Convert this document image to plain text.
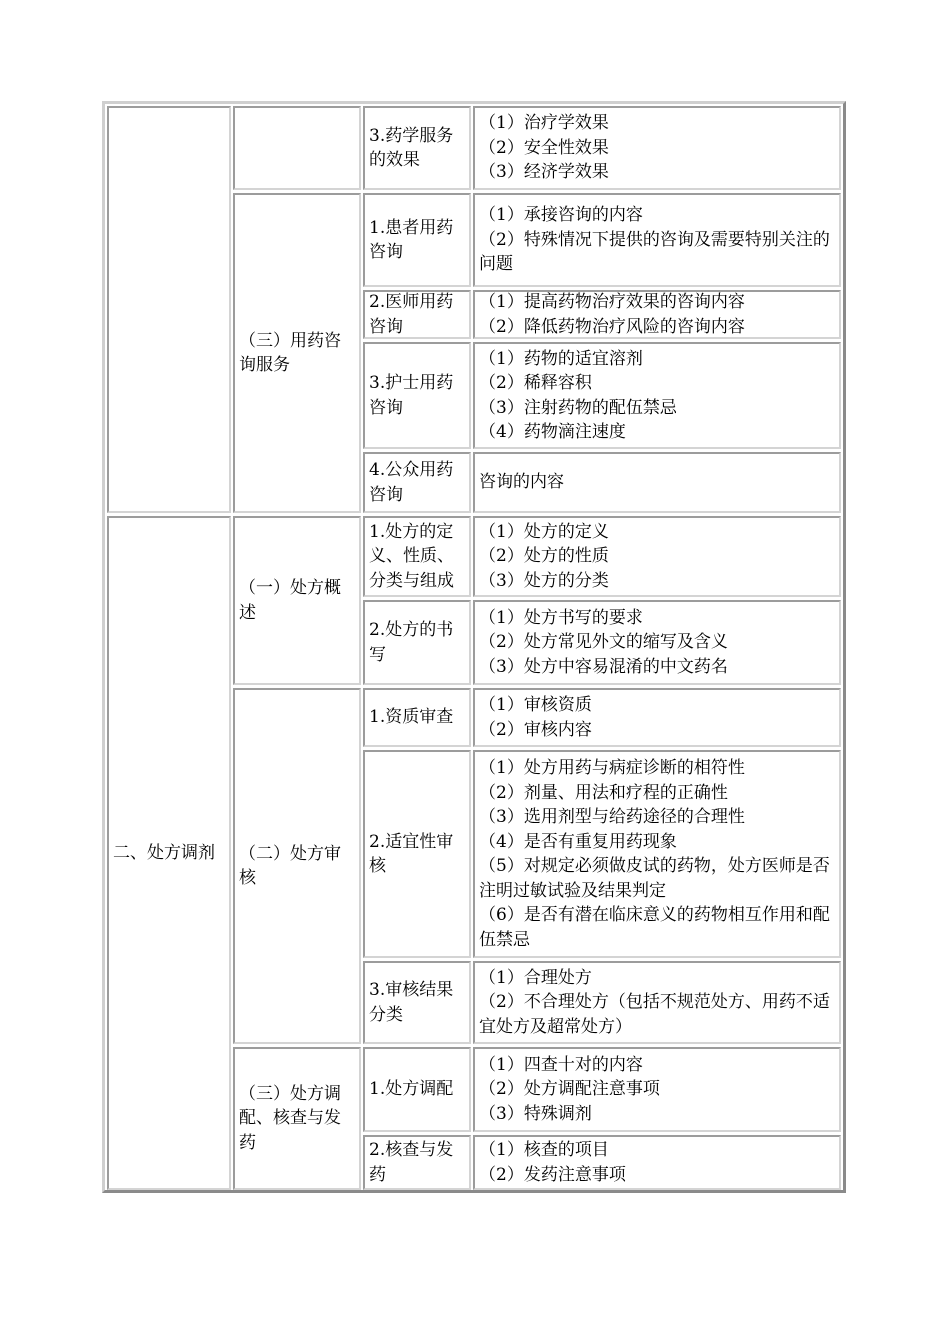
二、处方调剂
（三）用药咨询服务
（一）处方概述
（二）处方审核
（三）处方调配、核查与发药
3.药学服务的效果
1.患者用药咨询
2.医师用药咨询
3.护士用药咨询
4.公众用药咨询
1.处方的定义、性质、分类与组成
2.处方的书写
1.资质审查
2.适宜性审核
3.审核结果分类
1.处方调配
2.核查与发药
（1）治疗学效果
（2）安全性效果
（3）经济学效果
（1）承接咨询的内容
（2）特殊情况下提供的咨询及需要特别关注的问题
（1）提高药物治疗效果的咨询内容
（2）降低药物治疗风险的咨询内容
（1）药物的适宜溶剂
（2）稀释容积
（3）注射药物的配伍禁忌
（4）药物滴注速度
咨询的内容
（1）处方的定义
（2）处方的性质
（3）处方的分类
（1）处方书写的要求
（2）处方常见外文的缩写及含义
（3）处方中容易混淆的中文药名
（1）审核资质
（2）审核内容
（1）处方用药与病症诊断的相符性
（2）剂量、用法和疗程的正确性
（3）选用剂型与给药途径的合理性
（4）是否有重复用药现象
（5）对规定必须做皮试的药物，处方医师是否注明过敏试验及结果判定
（6）是否有潜在临床意义的药物相互作用和配伍禁忌
（1）合理处方
（2）不合理处方（包括不规范处方、用药不适宜处方及超常处方）
（1）四查十对的内容
（2）处方调配注意事项
（3）特殊调剂
（1）核查的项目
（2）发药注意事项
